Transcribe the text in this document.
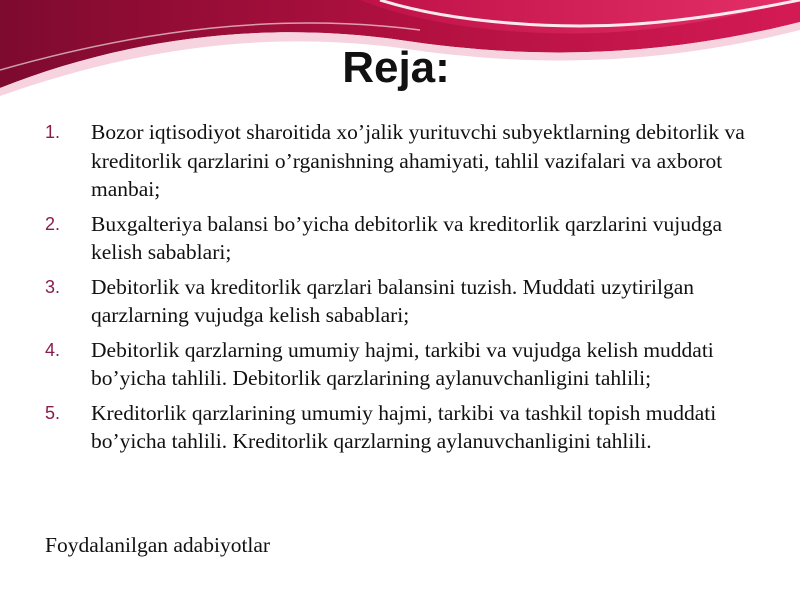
Reja:
1. Bozor iqtisodiyot sharoitida xo’jalik yurituvchi subyektlarning debitorlik va kreditorlik qarzlarini o’rganishning ahamiyati, tahlil vazifalari va axborot manbai;
2. Buxgalteriya balansi bo’yicha debitorlik va kreditorlik qarzlarini vujudga kelish sabablari;
3. Debitorlik va kreditorlik qarzlari balansini tuzish. Muddati uzytirilgan qarzlarning vujudga kelish sabablari;
4. Debitorlik qarzlarning umumiy hajmi, tarkibi va vujudga kelish muddati bo’yicha tahlili. Debitorlik qarzlarining aylanuvchanligini tahlili;
5. Kreditorlik qarzlarining umumiy hajmi, tarkibi va tashkil topish muddati bo’yicha tahlili. Kreditorlik qarzlarning aylanuvchanligini tahlili.
Foydalanilgan adabiyotlar
